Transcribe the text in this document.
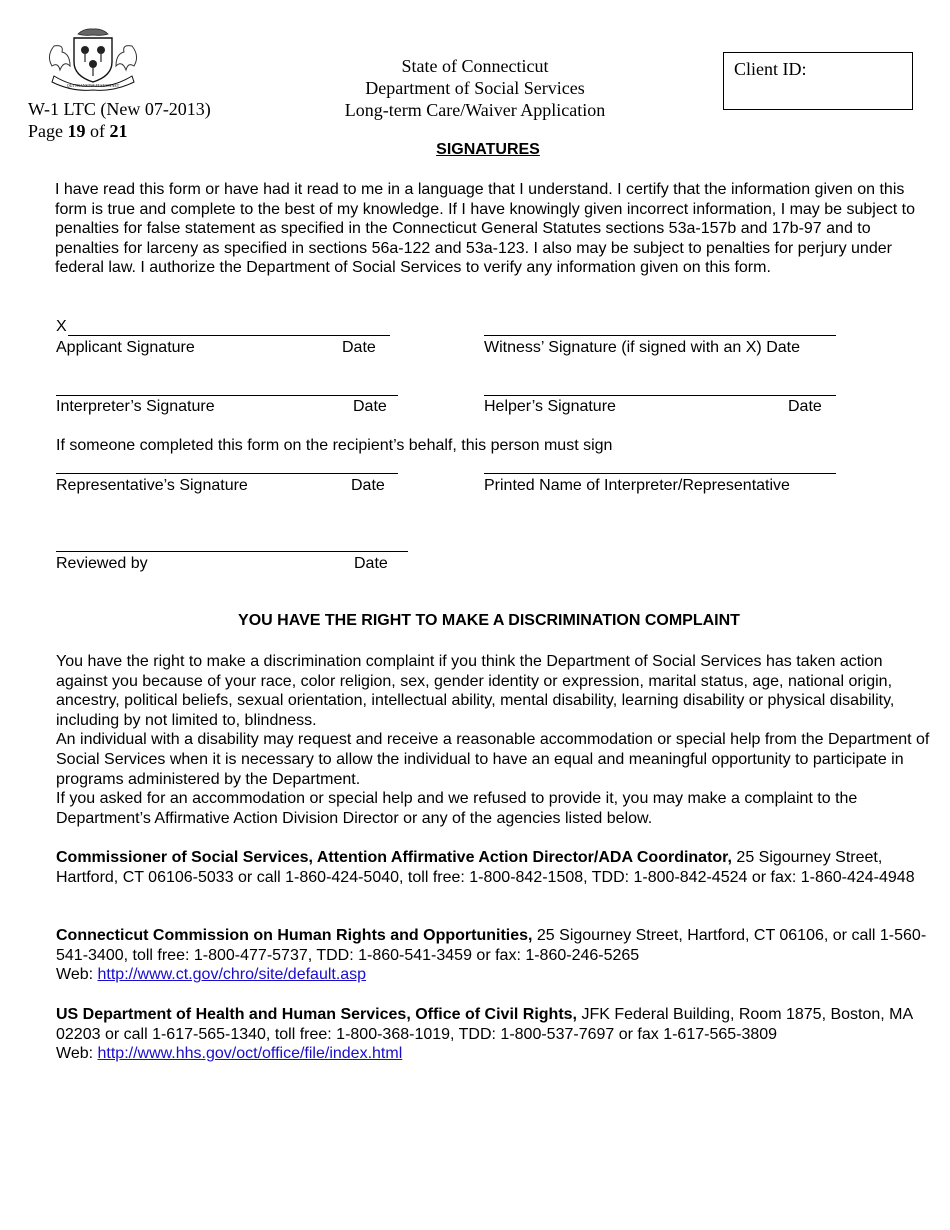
QUI TRANSTULIT SUSTINET
W-1 LTC (New 07-2013)
Page 19 of 21
State of Connecticut
Department of Social Services
Long-term Care/Waiver Application
Client ID:
SIGNATURES
I have read this form or have had it read to me in a language that I understand. I certify that the information given on this form is true and complete to the best of my knowledge. If I have knowingly given incorrect information, I may be subject to penalties for false statement as specified in the Connecticut General Statutes sections 53a-157b and 17b-97 and to penalties for larceny as specified in sections 56a-122 and 53a-123. I also may be subject to penalties for perjury under federal law. I authorize the Department of Social Services to verify any information given on this form.
X
Applicant Signature	Date	Witness’ Signature (if signed with an X) Date
Interpreter’s Signature	Date	Helper’s Signature	Date
If someone completed this form on the recipient’s behalf, this person must sign
Representative’s Signature	Date	Printed Name of Interpreter/Representative
Reviewed by	Date
YOU HAVE THE RIGHT TO MAKE A DISCRIMINATION COMPLAINT
You have the right to make a discrimination complaint if you think the Department of Social Services has taken action against you because of your race, color religion, sex, gender identity or expression, marital status, age, national origin, ancestry, political beliefs, sexual orientation, intellectual ability, mental disability, learning disability or physical disability, including by not limited to, blindness.
An individual with a disability may request and receive a reasonable accommodation or special help from the Department of Social Services when it is necessary to allow the individual to have an equal and meaningful opportunity to participate in programs administered by the Department.
If you asked for an accommodation or special help and we refused to provide it, you may make a complaint to the Department’s Affirmative Action Division Director or any of the agencies listed below.
Commissioner of Social Services, Attention Affirmative Action Director/ADA Coordinator, 25 Sigourney Street, Hartford, CT 06106-5033 or call 1-860-424-5040, toll free: 1-800-842-1508, TDD: 1-800-842-4524 or fax: 1-860-424-4948
Connecticut Commission on Human Rights and Opportunities, 25 Sigourney Street, Hartford, CT 06106, or call 1-560-541-3400, toll free: 1-800-477-5737, TDD: 1-860-541-3459 or fax: 1-860-246-5265
Web: http://www.ct.gov/chro/site/default.asp
US Department of Health and Human Services, Office of Civil Rights, JFK Federal Building, Room 1875, Boston, MA 02203 or call 1-617-565-1340, toll free: 1-800-368-1019, TDD: 1-800-537-7697 or fax 1-617-565-3809
Web: http://www.hhs.gov/oct/office/file/index.html
